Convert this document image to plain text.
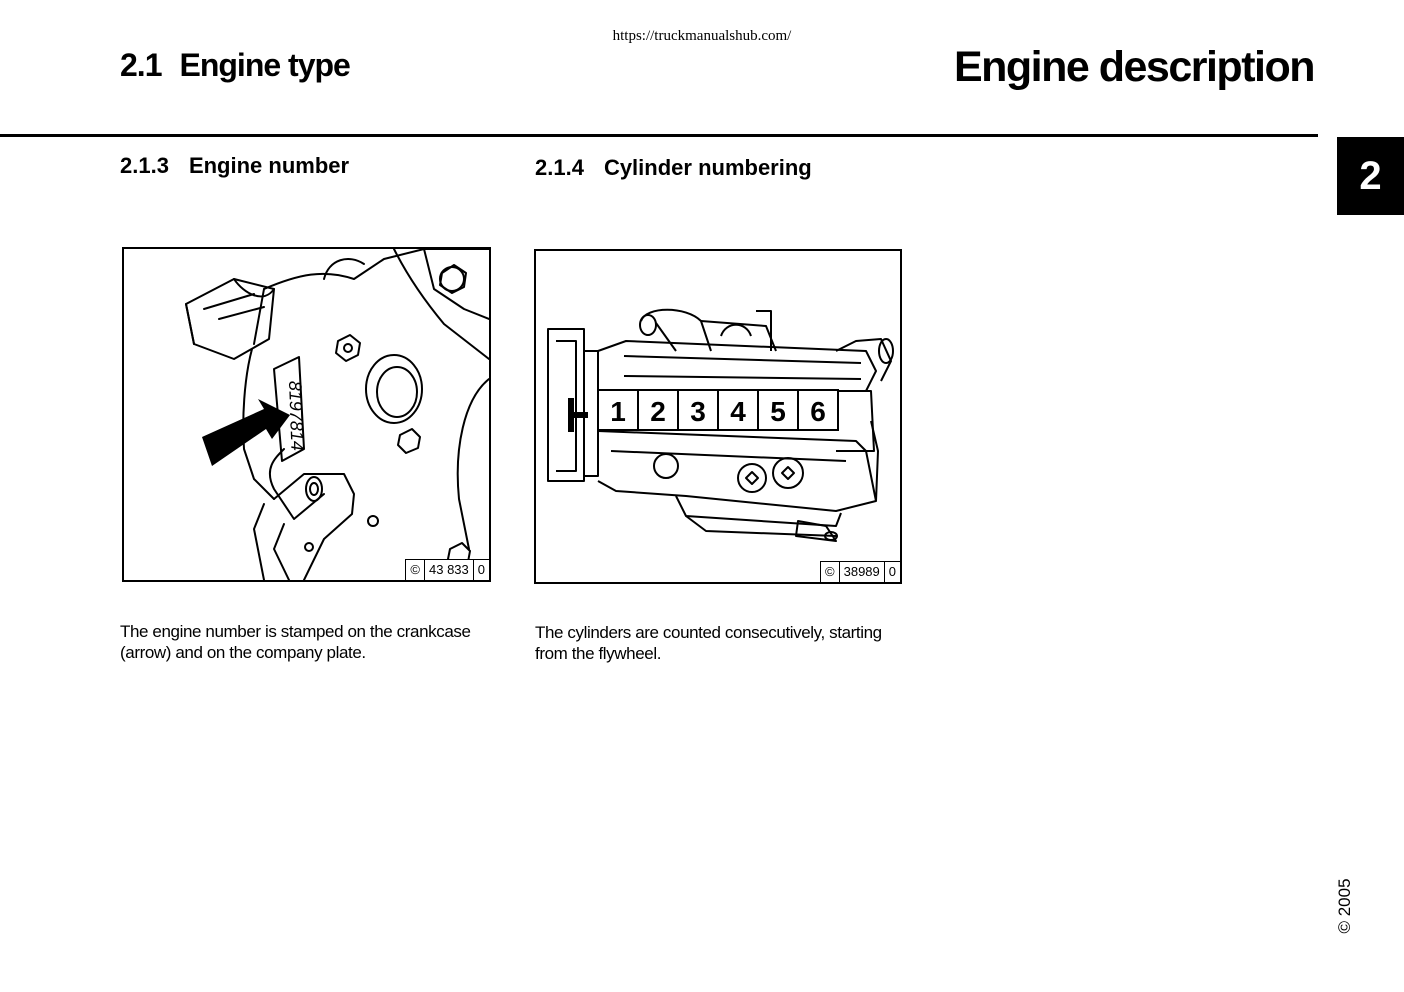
https://truckmanualshub.com/
2.1 Engine type	Engine description
2
2.1.3 Engine number
8197814
© 43 833 0
The engine number is stamped on the crankcase
(arrow) and on the company plate.
2.1.4 Cylinder numbering
1 2 3 4 5 6
© 38989 0
The cylinders are counted consecutively, starting
from the flywheel.
© 2005
